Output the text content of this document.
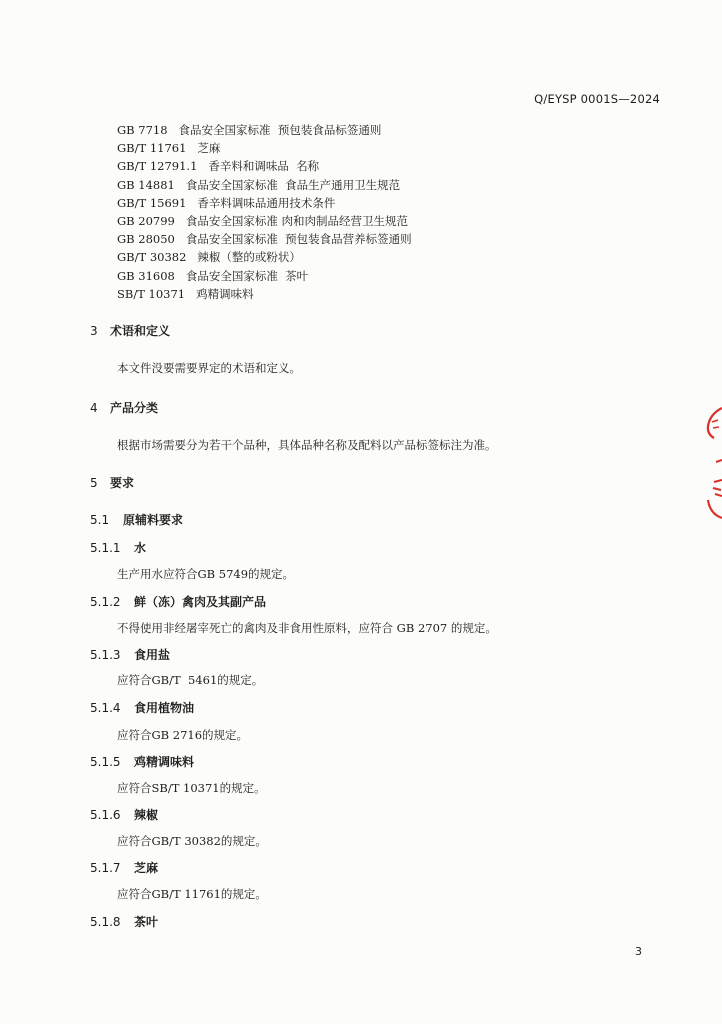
Q/EYSP 0001S—2024
GB 7718   食品安全国家标准  预包装食品标签通则
GB/T 11761   芝麻
GB/T 12791.1   香辛料和调味品  名称
GB 14881   食品安全国家标准  食品生产通用卫生规范
GB/T 15691   香辛料调味品通用技术条件
GB 20799   食品安全国家标准 肉和肉制品经营卫生规范
GB 28050   食品安全国家标准  预包装食品营养标签通则
GB/T 30382   辣椒（整的或粉状）
GB 31608   食品安全国家标准  茶叶
SB/T 10371   鸡精调味料
3 术语和定义
本文件没要需要界定的术语和定义。
4 产品分类
根据市场需要分为若干个品种，具体品种名称及配料以产品标签标注为准。
5 要求
5.1 原辅料要求
5.1.1 水
生产用水应符合GB 5749的规定。
5.1.2 鲜（冻）禽肉及其副产品
不得使用非经屠宰死亡的禽肉及非食用性原料，应符合 GB 2707 的规定。
5.1.3 食用盐
应符合GB/T  5461的规定。
5.1.4 食用植物油
应符合GB 2716的规定。
5.1.5 鸡精调味料
应符合SB/T 10371的规定。
5.1.6 辣椒
应符合GB/T 30382的规定。
5.1.7 芝麻
应符合GB/T 11761的规定。
5.1.8 茶叶
3
